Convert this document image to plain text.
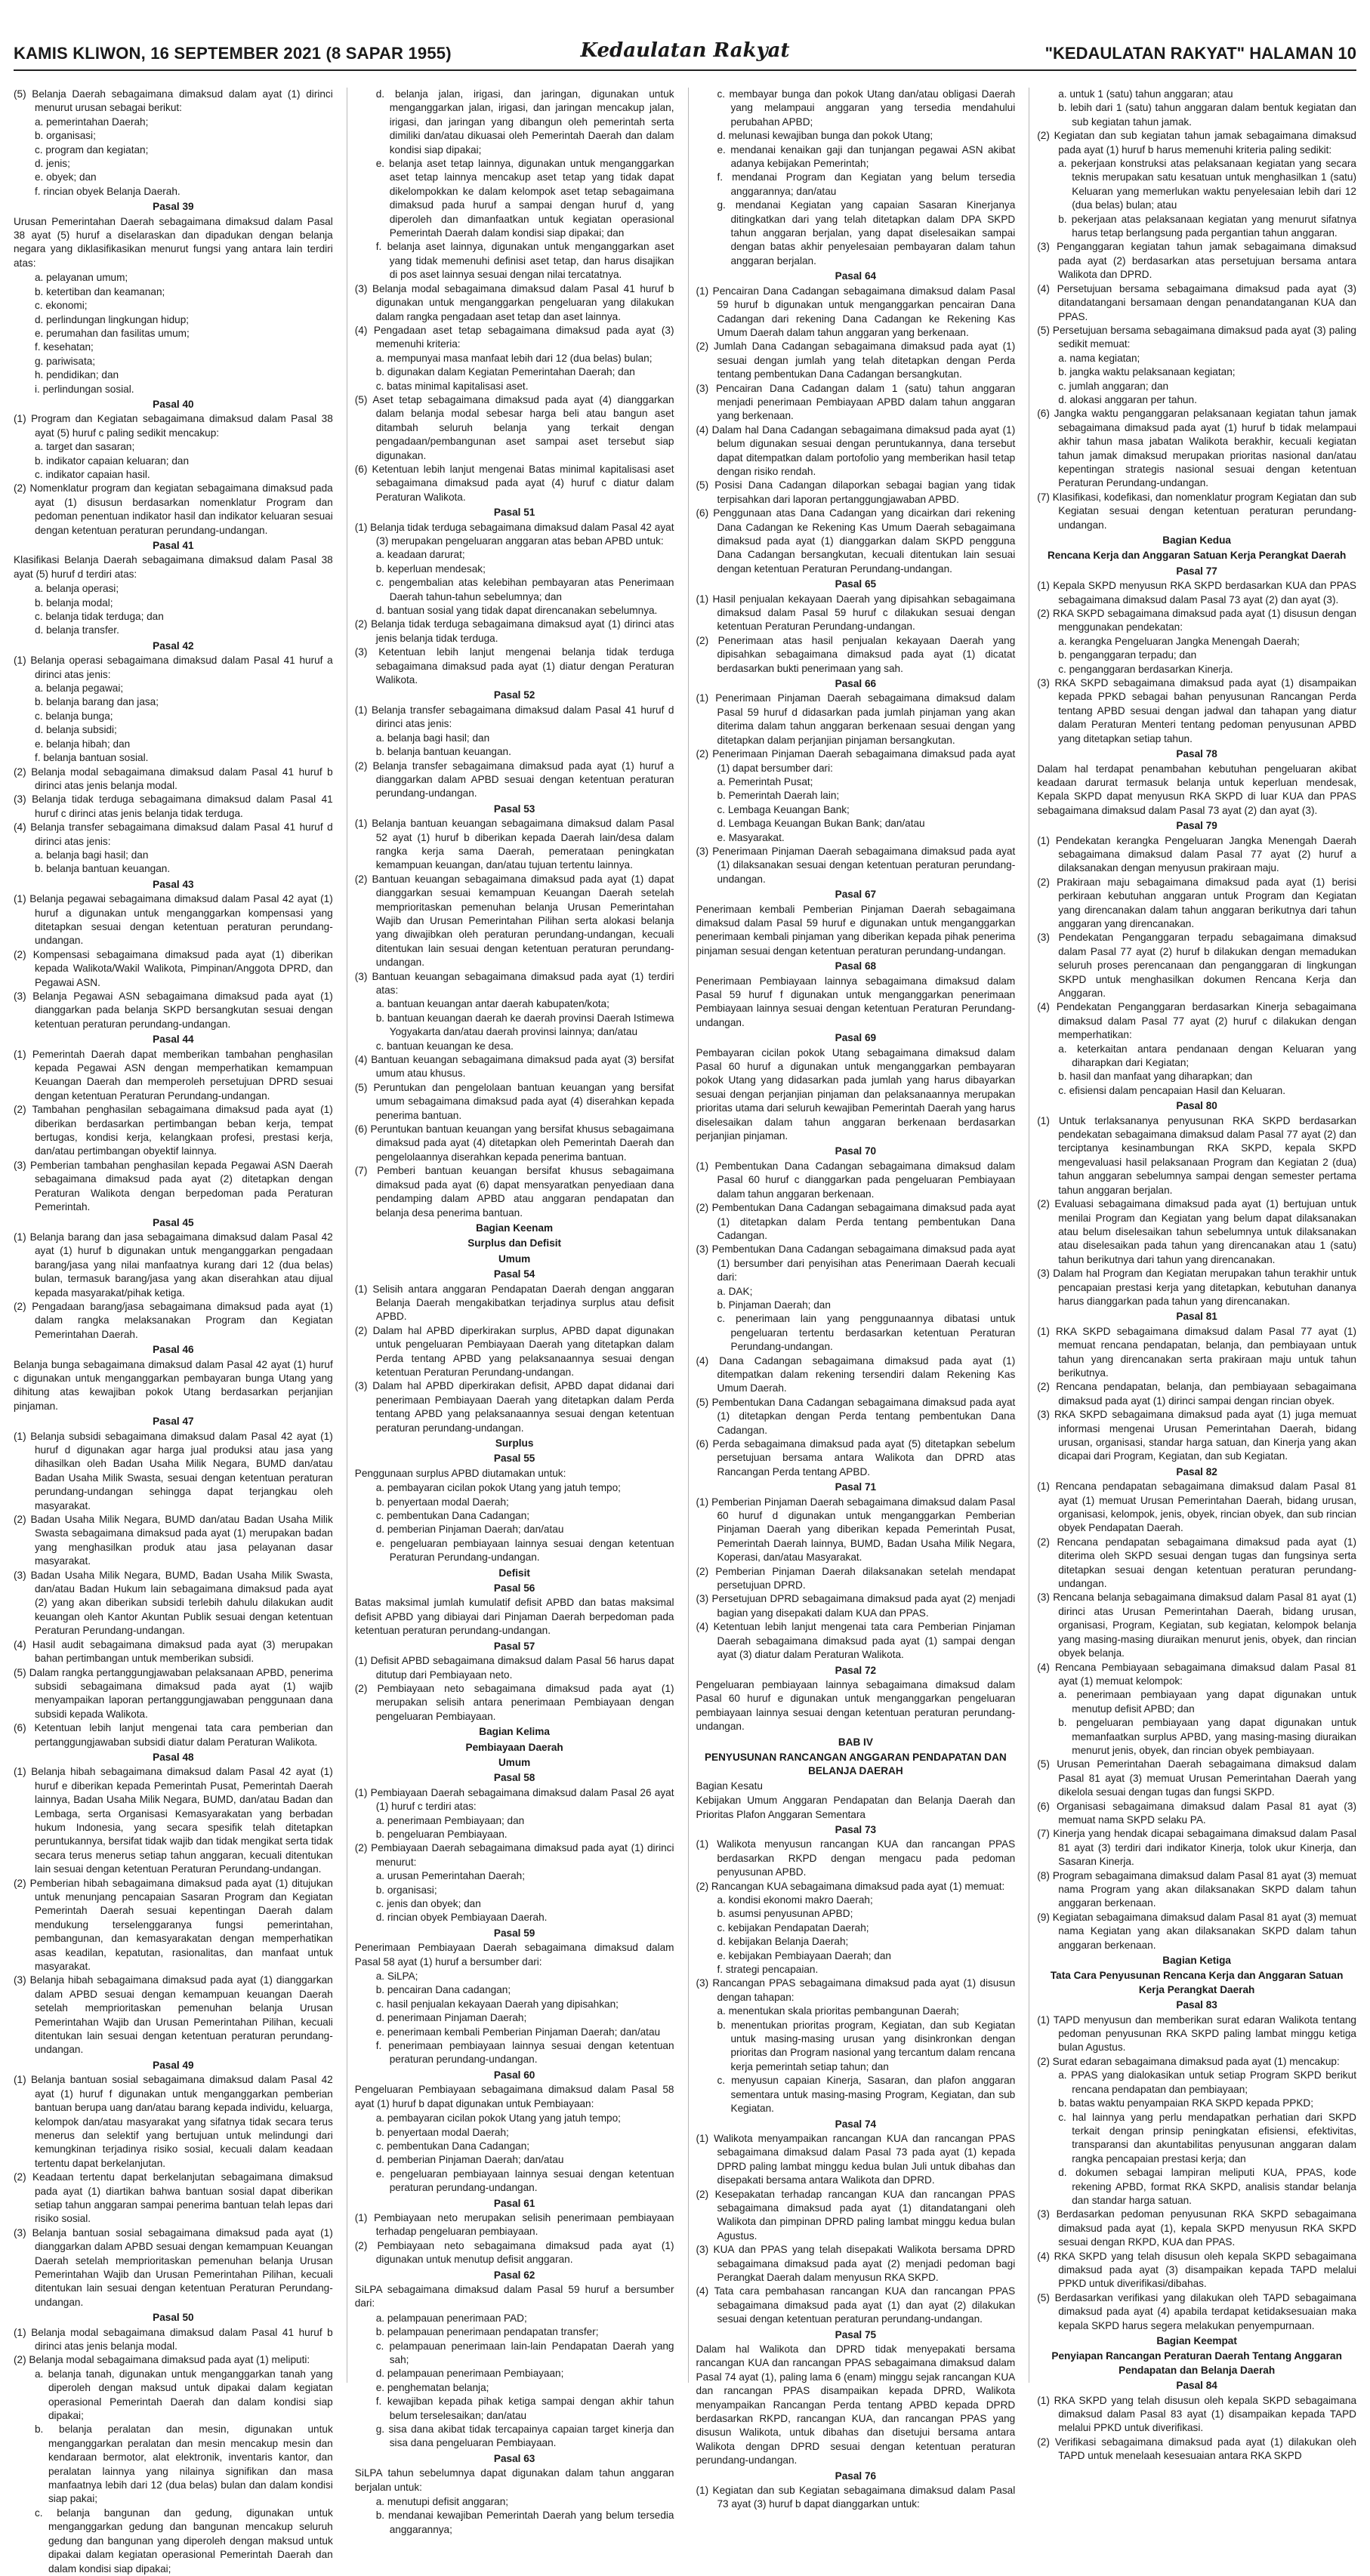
KAMIS KLIWON, 16 SEPTEMBER 2021 (8 SAPAR 1955)	Kedaulatan Rakyat	"KEDAULATAN RAKYAT" HALAMAN 10
(5) Belanja Daerah sebagaimana dimaksud dalam ayat (1) dirinci menurut urusan sebagai berikut:
a. pemerintahan Daerah;
b. organisasi;
c. program dan kegiatan;
d. jenis;
e. obyek; dan
f. rincian obyek Belanja Daerah.
Pasal 39
Urusan Pemerintahan Daerah sebagaimana dimaksud dalam Pasal 38 ayat (5) huruf a diselaraskan dan dipadukan dengan belanja negara yang diklasifikasikan menurut fungsi yang antara lain terdiri atas:
a. pelayanan umum;
b. ketertiban dan keamanan;
c. ekonomi;
d. perlindungan lingkungan hidup;
e. perumahan dan fasilitas umum;
f. kesehatan;
g. pariwisata;
h. pendidikan; dan
i. perlindungan sosial.
Pasal 40
(1) Program dan Kegiatan sebagaimana dimaksud dalam Pasal 38 ayat (5) huruf c paling sedikit mencakup:
a. target dan sasaran;
b. indikator capaian keluaran; dan
c. indikator capaian hasil.
(2) Nomenklatur program dan kegiatan sebagaimana dimaksud pada ayat (1) disusun berdasarkan nomenklatur Program dan pedoman penentuan indikator hasil dan indikator keluaran sesuai dengan ketentuan peraturan perundang-undangan.
Pasal 41
Klasifikasi Belanja Daerah sebagaimana dimaksud dalam Pasal 38 ayat (5) huruf d terdiri atas:
a. belanja operasi;
b. belanja modal;
c. belanja tidak terduga; dan
d. belanja transfer.
Pasal 42
(1) Belanja operasi sebagaimana dimaksud dalam Pasal 41 huruf a dirinci atas jenis:
a. belanja pegawai;
b. belanja barang dan jasa;
c. belanja bunga;
d. belanja subsidi;
e. belanja hibah; dan
f. belanja bantuan sosial.
(2) Belanja modal sebagaimana dimaksud dalam Pasal 41 huruf b dirinci atas jenis belanja modal.
(3) Belanja tidak terduga sebagaimana dimaksud dalam Pasal 41 huruf c dirinci atas jenis belanja tidak terduga.
(4) Belanja transfer sebagaimana dimaksud dalam Pasal 41 huruf d dirinci atas jenis:
a. belanja bagi hasil; dan
b. belanja bantuan keuangan.
Pasal 43
(1) Belanja pegawai sebagaimana dimaksud dalam Pasal 42 ayat (1) huruf a digunakan untuk menganggarkan kompensasi yang ditetapkan sesuai dengan ketentuan peraturan perundang-undangan.
(2) Kompensasi sebagaimana dimaksud pada ayat (1) diberikan kepada Walikota/Wakil Walikota, Pimpinan/Anggota DPRD, dan Pegawai ASN.
(3) Belanja Pegawai ASN sebagaimana dimaksud pada ayat (1) dianggarkan pada belanja SKPD bersangkutan sesuai dengan ketentuan peraturan perundang-undangan.
Pasal 44
(1) Pemerintah Daerah dapat memberikan tambahan penghasilan kepada Pegawai ASN dengan memperhatikan kemampuan Keuangan Daerah dan memperoleh persetujuan DPRD sesuai dengan ketentuan Peraturan Perundang-undangan.
(2) Tambahan penghasilan sebagaimana dimaksud pada ayat (1) diberikan berdasarkan pertimbangan beban kerja, tempat bertugas, kondisi kerja, kelangkaan profesi, prestasi kerja, dan/atau pertimbangan obyektif lainnya.
(3) Pemberian tambahan penghasilan kepada Pegawai ASN Daerah sebagaimana dimaksud pada ayat (2) ditetapkan dengan Peraturan Walikota dengan berpedoman pada Peraturan Pemerintah.
Pasal 45
(1) Belanja barang dan jasa sebagaimana dimaksud dalam Pasal 42 ayat (1) huruf b digunakan untuk menganggarkan pengadaan barang/jasa yang nilai manfaatnya kurang dari 12 (dua belas) bulan, termasuk barang/jasa yang akan diserahkan atau dijual kepada masyarakat/pihak ketiga.
(2) Pengadaan barang/jasa sebagaimana dimaksud pada ayat (1) dalam rangka melaksanakan Program dan Kegiatan Pemerintahan Daerah.
Pasal 46
Belanja bunga sebagaimana dimaksud dalam Pasal 42 ayat (1) huruf c digunakan untuk menganggarkan pembayaran bunga Utang yang dihitung atas kewajiban pokok Utang berdasarkan perjanjian pinjaman.
Pasal 47
(1) Belanja subsidi sebagaimana dimaksud dalam Pasal 42 ayat (1) huruf d digunakan agar harga jual produksi atau jasa yang dihasilkan oleh Badan Usaha Milik Negara, BUMD dan/atau Badan Usaha Milik Swasta, sesuai dengan ketentuan peraturan perundang-undangan sehingga dapat terjangkau oleh masyarakat.
(2) Badan Usaha Milik Negara, BUMD dan/atau Badan Usaha Milik Swasta sebagaimana dimaksud pada ayat (1) merupakan badan yang menghasilkan produk atau jasa pelayanan dasar masyarakat.
(3) Badan Usaha Milik Negara, BUMD, Badan Usaha Milik Swasta, dan/atau Badan Hukum lain sebagaimana dimaksud pada ayat (2) yang akan diberikan subsidi terlebih dahulu dilakukan audit keuangan oleh Kantor Akuntan Publik sesuai dengan ketentuan Peraturan Perundang-undangan.
(4) Hasil audit sebagaimana dimaksud pada ayat (3) merupakan bahan pertimbangan untuk memberikan subsidi.
(5) Dalam rangka pertanggungjawaban pelaksanaan APBD, penerima subsidi sebagaimana dimaksud pada ayat (1) wajib menyampaikan laporan pertanggungjawaban penggunaan dana subsidi kepada Walikota.
(6) Ketentuan lebih lanjut mengenai tata cara pemberian dan pertanggungjawaban subsidi diatur dalam Peraturan Walikota.
Pasal 48
(1) Belanja hibah sebagaimana dimaksud dalam Pasal 42 ayat (1) huruf e diberikan kepada Pemerintah Pusat, Pemerintah Daerah lainnya, Badan Usaha Milik Negara, BUMD, dan/atau Badan dan Lembaga, serta Organisasi Kemasyarakatan yang berbadan hukum Indonesia, yang secara spesifik telah ditetapkan peruntukannya, bersifat tidak wajib dan tidak mengikat serta tidak secara terus menerus setiap tahun anggaran, kecuali ditentukan lain sesuai dengan ketentuan Peraturan Perundang-undangan.
(2) Pemberian hibah sebagaimana dimaksud pada ayat (1) ditujukan untuk menunjang pencapaian Sasaran Program dan Kegiatan Pemerintah Daerah sesuai kepentingan Daerah dalam mendukung terselenggaranya fungsi pemerintahan, pembangunan, dan kemasyarakatan dengan memperhatikan asas keadilan, kepatutan, rasionalitas, dan manfaat untuk masyarakat.
(3) Belanja hibah sebagaimana dimaksud pada ayat (1) dianggarkan dalam APBD sesuai dengan kemampuan keuangan Daerah setelah memprioritaskan pemenuhan belanja Urusan Pemerintahan Wajib dan Urusan Pemerintahan Pilihan, kecuali ditentukan lain sesuai dengan ketentuan peraturan perundang-undangan.
Pasal 49
(1) Belanja bantuan sosial sebagaimana dimaksud dalam Pasal 42 ayat (1) huruf f digunakan untuk menganggarkan pemberian bantuan berupa uang dan/atau barang kepada individu, keluarga, kelompok dan/atau masyarakat yang sifatnya tidak secara terus menerus dan selektif yang bertujuan untuk melindungi dari kemungkinan terjadinya risiko sosial, kecuali dalam keadaan tertentu dapat berkelanjutan.
(2) Keadaan tertentu dapat berkelanjutan sebagaimana dimaksud pada ayat (1) diartikan bahwa bantuan sosial dapat diberikan setiap tahun anggaran sampai penerima bantuan telah lepas dari risiko sosial.
(3) Belanja bantuan sosial sebagaimana dimaksud pada ayat (1) dianggarkan dalam APBD sesuai dengan kemampuan Keuangan Daerah setelah memprioritaskan pemenuhan belanja Urusan Pemerintahan Wajib dan Urusan Pemerintahan Pilihan, kecuali ditentukan lain sesuai dengan ketentuan Peraturan Perundang-undangan.
Pasal 50
(1) Belanja modal sebagaimana dimaksud dalam Pasal 41 huruf b dirinci atas jenis belanja modal.
(2) Belanja modal sebagaimana dimaksud pada ayat (1) meliputi:
a. belanja tanah, digunakan untuk menganggarkan tanah yang diperoleh dengan maksud untuk dipakai dalam kegiatan operasional Pemerintah Daerah dan dalam kondisi siap dipakai;
b. belanja peralatan dan mesin, digunakan untuk menganggarkan peralatan dan mesin mencakup mesin dan kendaraan bermotor, alat elektronik, inventaris kantor, dan peralatan lainnya yang nilainya signifikan dan masa manfaatnya lebih dari 12 (dua belas) bulan dan dalam kondisi siap pakai;
c. belanja bangunan dan gedung, digunakan untuk menganggarkan gedung dan bangunan mencakup seluruh gedung dan bangunan yang diperoleh dengan maksud untuk dipakai dalam kegiatan operasional Pemerintah Daerah dan dalam kondisi siap dipakai;
d. belanja jalan, irigasi, dan jaringan, digunakan untuk menganggarkan jalan, irigasi, dan jaringan mencakup jalan, irigasi, dan jaringan yang dibangun oleh pemerintah serta dimiliki dan/atau dikuasai oleh Pemerintah Daerah dan dalam kondisi siap dipakai;
e. belanja aset tetap lainnya, digunakan untuk menganggarkan aset tetap lainnya mencakup aset tetap yang tidak dapat dikelompokkan ke dalam kelompok aset tetap sebagaimana dimaksud pada huruf a sampai dengan huruf d, yang diperoleh dan dimanfaatkan untuk kegiatan operasional Pemerintah Daerah dalam kondisi siap dipakai; dan
f. belanja aset lainnya, digunakan untuk menganggarkan aset yang tidak memenuhi definisi aset tetap, dan harus disajikan di pos aset lainnya sesuai dengan nilai tercatatnya.
(3) Belanja modal sebagaimana dimaksud dalam Pasal 41 huruf b digunakan untuk menganggarkan pengeluaran yang dilakukan dalam rangka pengadaan aset tetap dan aset lainnya.
(4) Pengadaan aset tetap sebagaimana dimaksud pada ayat (3) memenuhi kriteria:
a. mempunyai masa manfaat lebih dari 12 (dua belas) bulan;
b. digunakan dalam Kegiatan Pemerintahan Daerah; dan
c. batas minimal kapitalisasi aset.
(5) Aset tetap sebagaimana dimaksud pada ayat (4) dianggarkan dalam belanja modal sebesar harga beli atau bangun aset ditambah seluruh belanja yang terkait dengan pengadaan/pembangunan aset sampai aset tersebut siap digunakan.
(6) Ketentuan lebih lanjut mengenai Batas minimal kapitalisasi aset sebagaimana dimaksud pada ayat (4) huruf c diatur dalam Peraturan Walikota.
Pasal 51
(1) Belanja tidak terduga sebagaimana dimaksud dalam Pasal 42 ayat (3) merupakan pengeluaran anggaran atas beban APBD untuk:
a. keadaan darurat;
b. keperluan mendesak;
c. pengembalian atas kelebihan pembayaran atas Penerimaan Daerah tahun-tahun sebelumnya; dan
d. bantuan sosial yang tidak dapat direncanakan sebelumnya.
(2) Belanja tidak terduga sebagaimana dimaksud ayat (1) dirinci atas jenis belanja tidak terduga.
(3) Ketentuan lebih lanjut mengenai belanja tidak terduga sebagaimana dimaksud pada ayat (1) diatur dengan Peraturan Walikota.
Pasal 52
(1) Belanja transfer sebagaimana dimaksud dalam Pasal 41 huruf d dirinci atas jenis:
a. belanja bagi hasil; dan
b. belanja bantuan keuangan.
(2) Belanja transfer sebagaimana dimaksud pada ayat (1) huruf a dianggarkan dalam APBD sesuai dengan ketentuan peraturan perundang-undangan.
Pasal 53
(1) Belanja bantuan keuangan sebagaimana dimaksud dalam Pasal 52 ayat (1) huruf b diberikan kepada Daerah lain/desa dalam rangka kerja sama Daerah, pemerataan peningkatan kemampuan keuangan, dan/atau tujuan tertentu lainnya.
(2) Bantuan keuangan sebagaimana dimaksud pada ayat (1) dapat dianggarkan sesuai kemampuan Keuangan Daerah setelah memprioritaskan pemenuhan belanja Urusan Pemerintahan Wajib dan Urusan Pemerintahan Pilihan serta alokasi belanja yang diwajibkan oleh peraturan perundang-undangan, kecuali ditentukan lain sesuai dengan ketentuan peraturan perundang-undangan.
(3) Bantuan keuangan sebagaimana dimaksud pada ayat (1) terdiri atas:
a. bantuan keuangan antar daerah kabupaten/kota;
b. bantuan keuangan daerah ke daerah provinsi Daerah Istimewa Yogyakarta dan/atau daerah provinsi lainnya; dan/atau
c. bantuan keuangan ke desa.
(4) Bantuan keuangan sebagaimana dimaksud pada ayat (3) bersifat umum atau khusus.
(5) Peruntukan dan pengelolaan bantuan keuangan yang bersifat umum sebagaimana dimaksud pada ayat (4) diserahkan kepada penerima bantuan.
(6) Peruntukan bantuan keuangan yang bersifat khusus sebagaimana dimaksud pada ayat (4) ditetapkan oleh Pemerintah Daerah dan pengelolaannya diserahkan kepada penerima bantuan.
(7) Pemberi bantuan keuangan bersifat khusus sebagaimana dimaksud pada ayat (6) dapat mensyaratkan penyediaan dana pendamping dalam APBD atau anggaran pendapatan dan belanja desa penerima bantuan.
Bagian Keenam
Surplus dan Defisit
Umum
Pasal 54
(1) Selisih antara anggaran Pendapatan Daerah dengan anggaran Belanja Daerah mengakibatkan terjadinya surplus atau defisit APBD.
(2) Dalam hal APBD diperkirakan surplus, APBD dapat digunakan untuk pengeluaran Pembiayaan Daerah yang ditetapkan dalam Perda tentang APBD yang pelaksanaannya sesuai dengan ketentuan Peraturan Perundang-undangan.
(3) Dalam hal APBD diperkirakan defisit, APBD dapat didanai dari penerimaan Pembiayaan Daerah yang ditetapkan dalam Perda tentang APBD yang pelaksanaannya sesuai dengan ketentuan peraturan perundang-undangan.
Surplus
Pasal 55
Penggunaan surplus APBD diutamakan untuk:
a. pembayaran cicilan pokok Utang yang jatuh tempo;
b. penyertaan modal Daerah;
c. pembentukan Dana Cadangan;
d. pemberian Pinjaman Daerah; dan/atau
e. pengeluaran pembiayaan lainnya sesuai dengan ketentuan Peraturan Perundang-undangan.
Defisit
Pasal 56
Batas maksimal jumlah kumulatif defisit APBD dan batas maksimal defisit APBD yang dibiayai dari Pinjaman Daerah berpedoman pada ketentuan peraturan perundang-undangan.
Pasal 57
(1) Defisit APBD sebagaimana dimaksud dalam Pasal 56 harus dapat ditutup dari Pembiayaan neto.
(2) Pembiayaan neto sebagaimana dimaksud pada ayat (1) merupakan selisih antara penerimaan Pembiayaan dengan pengeluaran Pembiayaan.
Bagian Kelima
Pembiayaan Daerah
Umum
Pasal 58
(1) Pembiayaan Daerah sebagaimana dimaksud dalam Pasal 26 ayat (1) huruf c terdiri atas:
a. penerimaan Pembiayaan; dan
b. pengeluaran Pembiayaan.
(2) Pembiayaan Daerah sebagaimana dimaksud pada ayat (1) dirinci menurut:
a. urusan Pemerintahan Daerah;
b. organisasi;
c. jenis dan obyek; dan
d. rincian obyek Pembiayaan Daerah.
Pasal 59
Penerimaan Pembiayaan Daerah sebagaimana dimaksud dalam Pasal 58 ayat (1) huruf a bersumber dari:
a. SiLPA;
b. pencairan Dana cadangan;
c. hasil penjualan kekayaan Daerah yang dipisahkan;
d. penerimaan Pinjaman Daerah;
e. penerimaan kembali Pemberian Pinjaman Daerah; dan/atau
f. penerimaan pembiayaan lainnya sesuai dengan ketentuan peraturan perundang-undangan.
Pasal 60
Pengeluaran Pembiayaan sebagaimana dimaksud dalam Pasal 58 ayat (1) huruf b dapat digunakan untuk Pembiayaan:
a. pembayaran cicilan pokok Utang yang jatuh tempo;
b. penyertaan modal Daerah;
c. pembentukan Dana Cadangan;
d. pemberian Pinjaman Daerah; dan/atau
e. pengeluaran pembiayaan lainnya sesuai dengan ketentuan peraturan perundang-undangan.
Pasal 61
(1) Pembiayaan neto merupakan selisih penerimaan pembiayaan terhadap pengeluaran pembiayaan.
(2) Pembiayaan neto sebagaimana dimaksud pada ayat (1) digunakan untuk menutup defisit anggaran.
Pasal 62
SiLPA sebagaimana dimaksud dalam Pasal 59 huruf a bersumber dari:
a. pelampauan penerimaan PAD;
b. pelampauan penerimaan pendapatan transfer;
c. pelampauan penerimaan lain-lain Pendapatan Daerah yang sah;
d. pelampauan penerimaan Pembiayaan;
e. penghematan belanja;
f. kewajiban kepada pihak ketiga sampai dengan akhir tahun belum terselesaikan; dan/atau
g. sisa dana akibat tidak tercapainya capaian target kinerja dan sisa dana pengeluaran Pembiayaan.
Pasal 63
SiLPA tahun sebelumnya dapat digunakan dalam tahun anggaran berjalan untuk:
a. menutupi defisit anggaran;
b. mendanai kewajiban Pemerintah Daerah yang belum tersedia anggarannya;
c. membayar bunga dan pokok Utang dan/atau obligasi Daerah yang melampaui anggaran yang tersedia mendahului perubahan APBD;
d. melunasi kewajiban bunga dan pokok Utang;
e. mendanai kenaikan gaji dan tunjangan pegawai ASN akibat adanya kebijakan Pemerintah;
f. mendanai Program dan Kegiatan yang belum tersedia anggarannya; dan/atau
g. mendanai Kegiatan yang capaian Sasaran Kinerjanya ditingkatkan dari yang telah ditetapkan dalam DPA SKPD tahun anggaran berjalan, yang dapat diselesaikan sampai dengan batas akhir penyelesaian pembayaran dalam tahun anggaran berjalan.
Pasal 64
(1) Pencairan Dana Cadangan sebagaimana dimaksud dalam Pasal 59 huruf b digunakan untuk menganggarkan pencairan Dana Cadangan dari rekening Dana Cadangan ke Rekening Kas Umum Daerah dalam tahun anggaran yang berkenaan.
(2) Jumlah Dana Cadangan sebagaimana dimaksud pada ayat (1) sesuai dengan jumlah yang telah ditetapkan dengan Perda tentang pembentukan Dana Cadangan bersangkutan.
(3) Pencairan Dana Cadangan dalam 1 (satu) tahun anggaran menjadi penerimaan Pembiayaan APBD dalam tahun anggaran yang berkenaan.
(4) Dalam hal Dana Cadangan sebagaimana dimaksud pada ayat (1) belum digunakan sesuai dengan peruntukannya, dana tersebut dapat ditempatkan dalam portofolio yang memberikan hasil tetap dengan risiko rendah.
(5) Posisi Dana Cadangan dilaporkan sebagai bagian yang tidak terpisahkan dari laporan pertanggungjawaban APBD.
(6) Penggunaan atas Dana Cadangan yang dicairkan dari rekening Dana Cadangan ke Rekening Kas Umum Daerah sebagaimana dimaksud pada ayat (1) dianggarkan dalam SKPD pengguna Dana Cadangan bersangkutan, kecuali ditentukan lain sesuai dengan ketentuan Peraturan Perundang-undangan.
Pasal 65
(1) Hasil penjualan kekayaan Daerah yang dipisahkan sebagaimana dimaksud dalam Pasal 59 huruf c dilakukan sesuai dengan ketentuan Peraturan Perundang-undangan.
(2) Penerimaan atas hasil penjualan kekayaan Daerah yang dipisahkan sebagaimana dimaksud pada ayat (1) dicatat berdasarkan bukti penerimaan yang sah.
Pasal 66
(1) Penerimaan Pinjaman Daerah sebagaimana dimaksud dalam Pasal 59 huruf d didasarkan pada jumlah pinjaman yang akan diterima dalam tahun anggaran berkenaan sesuai dengan yang ditetapkan dalam perjanjian pinjaman bersangkutan.
(2) Penerimaan Pinjaman Daerah sebagaimana dimaksud pada ayat (1) dapat bersumber dari:
a. Pemerintah Pusat;
b. Pemerintah Daerah lain;
c. Lembaga Keuangan Bank;
d. Lembaga Keuangan Bukan Bank; dan/atau
e. Masyarakat.
(3) Penerimaan Pinjaman Daerah sebagaimana dimaksud pada ayat (1) dilaksanakan sesuai dengan ketentuan peraturan perundang-undangan.
Pasal 67
Penerimaan kembali Pemberian Pinjaman Daerah sebagaimana dimaksud dalam Pasal 59 huruf e digunakan untuk menganggarkan penerimaan kembali pinjaman yang diberikan kepada pihak penerima pinjaman sesuai dengan ketentuan peraturan perundang-undangan.
Pasal 68
Penerimaan Pembiayaan lainnya sebagaimana dimaksud dalam Pasal 59 huruf f digunakan untuk menganggarkan penerimaan Pembiayaan lainnya sesuai dengan ketentuan Peraturan Perundang-undangan.
Pasal 69
Pembayaran cicilan pokok Utang sebagaimana dimaksud dalam Pasal 60 huruf a digunakan untuk menganggarkan pembayaran pokok Utang yang didasarkan pada jumlah yang harus dibayarkan sesuai dengan perjanjian pinjaman dan pelaksanaannya merupakan prioritas utama dari seluruh kewajiban Pemerintah Daerah yang harus diselesaikan dalam tahun anggaran berkenaan berdasarkan perjanjian pinjaman.
Pasal 70
(1) Pembentukan Dana Cadangan sebagaimana dimaksud dalam Pasal 60 huruf c dianggarkan pada pengeluaran Pembiayaan dalam tahun anggaran berkenaan.
(2) Pembentukan Dana Cadangan sebagaimana dimaksud pada ayat (1) ditetapkan dalam Perda tentang pembentukan Dana Cadangan.
(3) Pembentukan Dana Cadangan sebagaimana dimaksud pada ayat (1) bersumber dari penyisihan atas Penerimaan Daerah kecuali dari:
a. DAK;
b. Pinjaman Daerah; dan
c. penerimaan lain yang penggunaannya dibatasi untuk pengeluaran tertentu berdasarkan ketentuan Peraturan Perundang-undangan.
(4) Dana Cadangan sebagaimana dimaksud pada ayat (1) ditempatkan dalam rekening tersendiri dalam Rekening Kas Umum Daerah.
(5) Pembentukan Dana Cadangan sebagaimana dimaksud pada ayat (1) ditetapkan dengan Perda tentang pembentukan Dana Cadangan.
(6) Perda sebagaimana dimaksud pada ayat (5) ditetapkan sebelum persetujuan bersama antara Walikota dan DPRD atas Rancangan Perda tentang APBD.
Pasal 71
(1) Pemberian Pinjaman Daerah sebagaimana dimaksud dalam Pasal 60 huruf d digunakan untuk menganggarkan Pemberian Pinjaman Daerah yang diberikan kepada Pemerintah Pusat, Pemerintah Daerah lainnya, BUMD, Badan Usaha Milik Negara, Koperasi, dan/atau Masyarakat.
(2) Pemberian Pinjaman Daerah dilaksanakan setelah mendapat persetujuan DPRD.
(3) Persetujuan DPRD sebagaimana dimaksud pada ayat (2) menjadi bagian yang disepakati dalam KUA dan PPAS.
(4) Ketentuan lebih lanjut mengenai tata cara Pemberian Pinjaman Daerah sebagaimana dimaksud pada ayat (1) sampai dengan ayat (3) diatur dalam Peraturan Walikota.
Pasal 72
Pengeluaran pembiayaan lainnya sebagaimana dimaksud dalam Pasal 60 huruf e digunakan untuk menganggarkan pengeluaran pembiayaan lainnya sesuai dengan ketentuan peraturan perundang-undangan.
BAB IV
PENYUSUNAN RANCANGAN ANGGARAN PENDAPATAN DAN BELANJA DAERAH
Bagian Kesatu
Kebijakan Umum Anggaran Pendapatan dan Belanja Daerah dan Prioritas Plafon Anggaran Sementara
Pasal 73
(1) Walikota menyusun rancangan KUA dan rancangan PPAS berdasarkan RKPD dengan mengacu pada pedoman penyusunan APBD.
(2) Rancangan KUA sebagaimana dimaksud pada ayat (1) memuat:
a. kondisi ekonomi makro Daerah;
b. asumsi penyusunan APBD;
c. kebijakan Pendapatan Daerah;
d. kebijakan Belanja Daerah;
e. kebijakan Pembiayaan Daerah; dan
f. strategi pencapaian.
(3) Rancangan PPAS sebagaimana dimaksud pada ayat (1) disusun dengan tahapan:
a. menentukan skala prioritas pembangunan Daerah;
b. menentukan prioritas program, Kegiatan, dan sub Kegiatan untuk masing-masing urusan yang disinkronkan dengan prioritas dan Program nasional yang tercantum dalam rencana kerja pemerintah setiap tahun; dan
c. menyusun capaian Kinerja, Sasaran, dan plafon anggaran sementara untuk masing-masing Program, Kegiatan, dan sub Kegiatan.
Pasal 74
(1) Walikota menyampaikan rancangan KUA dan rancangan PPAS sebagaimana dimaksud dalam Pasal 73 pada ayat (1) kepada DPRD paling lambat minggu kedua bulan Juli untuk dibahas dan disepakati bersama antara Walikota dan DPRD.
(2) Kesepakatan terhadap rancangan KUA dan rancangan PPAS sebagaimana dimaksud pada ayat (1) ditandatangani oleh Walikota dan pimpinan DPRD paling lambat minggu kedua bulan Agustus.
(3) KUA dan PPAS yang telah disepakati Walikota bersama DPRD sebagaimana dimaksud pada ayat (2) menjadi pedoman bagi Perangkat Daerah dalam menyusun RKA SKPD.
(4) Tata cara pembahasan rancangan KUA dan rancangan PPAS sebagaimana dimaksud pada ayat (1) dan ayat (2) dilakukan sesuai dengan ketentuan peraturan perundang-undangan.
Pasal 75
Dalam hal Walikota dan DPRD tidak menyepakati bersama rancangan KUA dan rancangan PPAS sebagaimana dimaksud dalam Pasal 74 ayat (1), paling lama 6 (enam) minggu sejak rancangan KUA dan rancangan PPAS disampaikan kepada DPRD, Walikota menyampaikan Rancangan Perda tentang APBD kepada DPRD berdasarkan RKPD, rancangan KUA, dan rancangan PPAS yang disusun Walikota, untuk dibahas dan disetujui bersama antara Walikota dengan DPRD sesuai dengan ketentuan peraturan perundang-undangan.
Pasal 76
(1) Kegiatan dan sub Kegiatan sebagaimana dimaksud dalam Pasal 73 ayat (3) huruf b dapat dianggarkan untuk:
a. untuk 1 (satu) tahun anggaran; atau
b. lebih dari 1 (satu) tahun anggaran dalam bentuk kegiatan dan sub kegiatan tahun jamak.
(2) Kegiatan dan sub kegiatan tahun jamak sebagaimana dimaksud pada ayat (1) huruf b harus memenuhi kriteria paling sedikit:
a. pekerjaan konstruksi atas pelaksanaan kegiatan yang secara teknis merupakan satu kesatuan untuk menghasilkan 1 (satu) Keluaran yang memerlukan waktu penyelesaian lebih dari 12 (dua belas) bulan; atau
b. pekerjaan atas pelaksanaan kegiatan yang menurut sifatnya harus tetap berlangsung pada pergantian tahun anggaran.
(3) Penganggaran kegiatan tahun jamak sebagaimana dimaksud pada ayat (2) berdasarkan atas persetujuan bersama antara Walikota dan DPRD.
(4) Persetujuan bersama sebagaimana dimaksud pada ayat (3) ditandatangani bersamaan dengan penandatanganan KUA dan PPAS.
(5) Persetujuan bersama sebagaimana dimaksud pada ayat (3) paling sedikit memuat:
a. nama kegiatan;
b. jangka waktu pelaksanaan kegiatan;
c. jumlah anggaran; dan
d. alokasi anggaran per tahun.
(6) Jangka waktu penganggaran pelaksanaan kegiatan tahun jamak sebagaimana dimaksud pada ayat (1) huruf b tidak melampaui akhir tahun masa jabatan Walikota berakhir, kecuali kegiatan tahun jamak dimaksud merupakan prioritas nasional dan/atau kepentingan strategis nasional sesuai dengan ketentuan Peraturan Perundang-undangan.
(7) Klasifikasi, kodefikasi, dan nomenklatur program Kegiatan dan sub Kegiatan sesuai dengan ketentuan peraturan perundang-undangan.
Bagian Kedua
Rencana Kerja dan Anggaran Satuan Kerja Perangkat Daerah
Pasal 77
(1) Kepala SKPD menyusun RKA SKPD berdasarkan KUA dan PPAS sebagaimana dimaksud dalam Pasal 73 ayat (2) dan ayat (3).
(2) RKA SKPD sebagaimana dimaksud pada ayat (1) disusun dengan menggunakan pendekatan:
a. kerangka Pengeluaran Jangka Menengah Daerah;
b. penganggaran terpadu; dan
c. penganggaran berdasarkan Kinerja.
(3) RKA SKPD sebagaimana dimaksud pada ayat (1) disampaikan kepada PPKD sebagai bahan penyusunan Rancangan Perda tentang APBD sesuai dengan jadwal dan tahapan yang diatur dalam Peraturan Menteri tentang pedoman penyusunan APBD yang ditetapkan setiap tahun.
Pasal 78
Dalam hal terdapat penambahan kebutuhan pengeluaran akibat keadaan darurat termasuk belanja untuk keperluan mendesak, Kepala SKPD dapat menyusun RKA SKPD di luar KUA dan PPAS sebagaimana dimaksud dalam Pasal 73 ayat (2) dan ayat (3).
Pasal 79
(1) Pendekatan kerangka Pengeluaran Jangka Menengah Daerah sebagaimana dimaksud dalam Pasal 77 ayat (2) huruf a dilaksanakan dengan menyusun prakiraan maju.
(2) Prakiraan maju sebagaimana dimaksud pada ayat (1) berisi perkiraan kebutuhan anggaran untuk Program dan Kegiatan yang direncanakan dalam tahun anggaran berikutnya dari tahun anggaran yang direncanakan.
(3) Pendekatan Penganggaran terpadu sebagaimana dimaksud dalam Pasal 77 ayat (2) huruf b dilakukan dengan memadukan seluruh proses perencanaan dan penganggaran di lingkungan SKPD untuk menghasilkan dokumen Rencana Kerja dan Anggaran.
(4) Pendekatan Penganggaran berdasarkan Kinerja sebagaimana dimaksud dalam Pasal 77 ayat (2) huruf c dilakukan dengan memperhatikan:
a. keterkaitan antara pendanaan dengan Keluaran yang diharapkan dari Kegiatan;
b. hasil dan manfaat yang diharapkan; dan
c. efisiensi dalam pencapaian Hasil dan Keluaran.
Pasal 80
(1) Untuk terlaksananya penyusunan RKA SKPD berdasarkan pendekatan sebagaimana dimaksud dalam Pasal 77 ayat (2) dan terciptanya kesinambungan RKA SKPD, kepala SKPD mengevaluasi hasil pelaksanaan Program dan Kegiatan 2 (dua) tahun anggaran sebelumnya sampai dengan semester pertama tahun anggaran berjalan.
(2) Evaluasi sebagaimana dimaksud pada ayat (1) bertujuan untuk menilai Program dan Kegiatan yang belum dapat dilaksanakan atau belum diselesaikan tahun sebelumnya untuk dilaksanakan atau diselesaikan pada tahun yang direncanakan atau 1 (satu) tahun berikutnya dari tahun yang direncanakan.
(3) Dalam hal Program dan Kegiatan merupakan tahun terakhir untuk pencapaian prestasi kerja yang ditetapkan, kebutuhan dananya harus dianggarkan pada tahun yang direncanakan.
Pasal 81
(1) RKA SKPD sebagaimana dimaksud dalam Pasal 77 ayat (1) memuat rencana pendapatan, belanja, dan pembiayaan untuk tahun yang direncanakan serta prakiraan maju untuk tahun berikutnya.
(2) Rencana pendapatan, belanja, dan pembiayaan sebagaimana dimaksud pada ayat (1) dirinci sampai dengan rincian obyek.
(3) RKA SKPD sebagaimana dimaksud pada ayat (1) juga memuat informasi mengenai Urusan Pemerintahan Daerah, bidang urusan, organisasi, standar harga satuan, dan Kinerja yang akan dicapai dari Program, Kegiatan, dan sub Kegiatan.
Pasal 82
(1) Rencana pendapatan sebagaimana dimaksud dalam Pasal 81 ayat (1) memuat Urusan Pemerintahan Daerah, bidang urusan, organisasi, kelompok, jenis, obyek, rincian obyek, dan sub rincian obyek Pendapatan Daerah.
(2) Rencana pendapatan sebagaimana dimaksud pada ayat (1) diterima oleh SKPD sesuai dengan tugas dan fungsinya serta ditetapkan sesuai dengan ketentuan peraturan perundang-undangan.
(3) Rencana belanja sebagaimana dimaksud dalam Pasal 81 ayat (1) dirinci atas Urusan Pemerintahan Daerah, bidang urusan, organisasi, Program, Kegiatan, sub kegiatan, kelompok belanja yang masing-masing diuraikan menurut jenis, obyek, dan rincian obyek belanja.
(4) Rencana Pembiayaan sebagaimana dimaksud dalam Pasal 81 ayat (1) memuat kelompok:
a. penerimaan pembiayaan yang dapat digunakan untuk menutup defisit APBD; dan
b. pengeluaran pembiayaan yang dapat digunakan untuk memanfaatkan surplus APBD, yang masing-masing diuraikan menurut jenis, obyek, dan rincian obyek pembiayaan.
(5) Urusan Pemerintahan Daerah sebagaimana dimaksud dalam Pasal 81 ayat (3) memuat Urusan Pemerintahan Daerah yang dikelola sesuai dengan tugas dan fungsi SKPD.
(6) Organisasi sebagaimana dimaksud dalam Pasal 81 ayat (3) memuat nama SKPD selaku PA.
(7) Kinerja yang hendak dicapai sebagaimana dimaksud dalam Pasal 81 ayat (3) terdiri dari indikator Kinerja, tolok ukur Kinerja, dan Sasaran Kinerja.
(8) Program sebagaimana dimaksud dalam Pasal 81 ayat (3) memuat nama Program yang akan dilaksanakan SKPD dalam tahun anggaran berkenaan.
(9) Kegiatan sebagaimana dimaksud dalam Pasal 81 ayat (3) memuat nama Kegiatan yang akan dilaksanakan SKPD dalam tahun anggaran berkenaan.
Bagian Ketiga
Tata Cara Penyusunan Rencana Kerja dan Anggaran Satuan Kerja Perangkat Daerah
Pasal 83
(1) TAPD menyusun dan memberikan surat edaran Walikota tentang pedoman penyusunan RKA SKPD paling lambat minggu ketiga bulan Agustus.
(2) Surat edaran sebagaimana dimaksud pada ayat (1) mencakup:
a. PPAS yang dialokasikan untuk setiap Program SKPD berikut rencana pendapatan dan pembiayaan;
b. batas waktu penyampaian RKA SKPD kepada PPKD;
c. hal lainnya yang perlu mendapatkan perhatian dari SKPD terkait dengan prinsip peningkatan efisiensi, efektivitas, transparansi dan akuntabilitas penyusunan anggaran dalam rangka pencapaian prestasi kerja; dan
d. dokumen sebagai lampiran meliputi KUA, PPAS, kode rekening APBD, format RKA SKPD, analisis standar belanja dan standar harga satuan.
(3) Berdasarkan pedoman penyusunan RKA SKPD sebagaimana dimaksud pada ayat (1), kepala SKPD menyusun RKA SKPD sesuai dengan RKPD, KUA dan PPAS.
(4) RKA SKPD yang telah disusun oleh kepala SKPD sebagaimana dimaksud pada ayat (3) disampaikan kepada TAPD melalui PPKD untuk diverifikasi/dibahas.
(5) Berdasarkan verifikasi yang dilakukan oleh TAPD sebagaimana dimaksud pada ayat (4) apabila terdapat ketidaksesuaian maka kepala SKPD harus segera melakukan penyempurnaan.
Bagian Keempat
Penyiapan Rancangan Peraturan Daerah Tentang Anggaran Pendapatan dan Belanja Daerah
Pasal 84
(1) RKA SKPD yang telah disusun oleh kepala SKPD sebagaimana dimaksud dalam Pasal 83 ayat (1) disampaikan kepada TAPD melalui PPKD untuk diverifikasi.
(2) Verifikasi sebagaimana dimaksud pada ayat (1) dilakukan oleh TAPD untuk menelaah kesesuaian antara RKA SKPD
